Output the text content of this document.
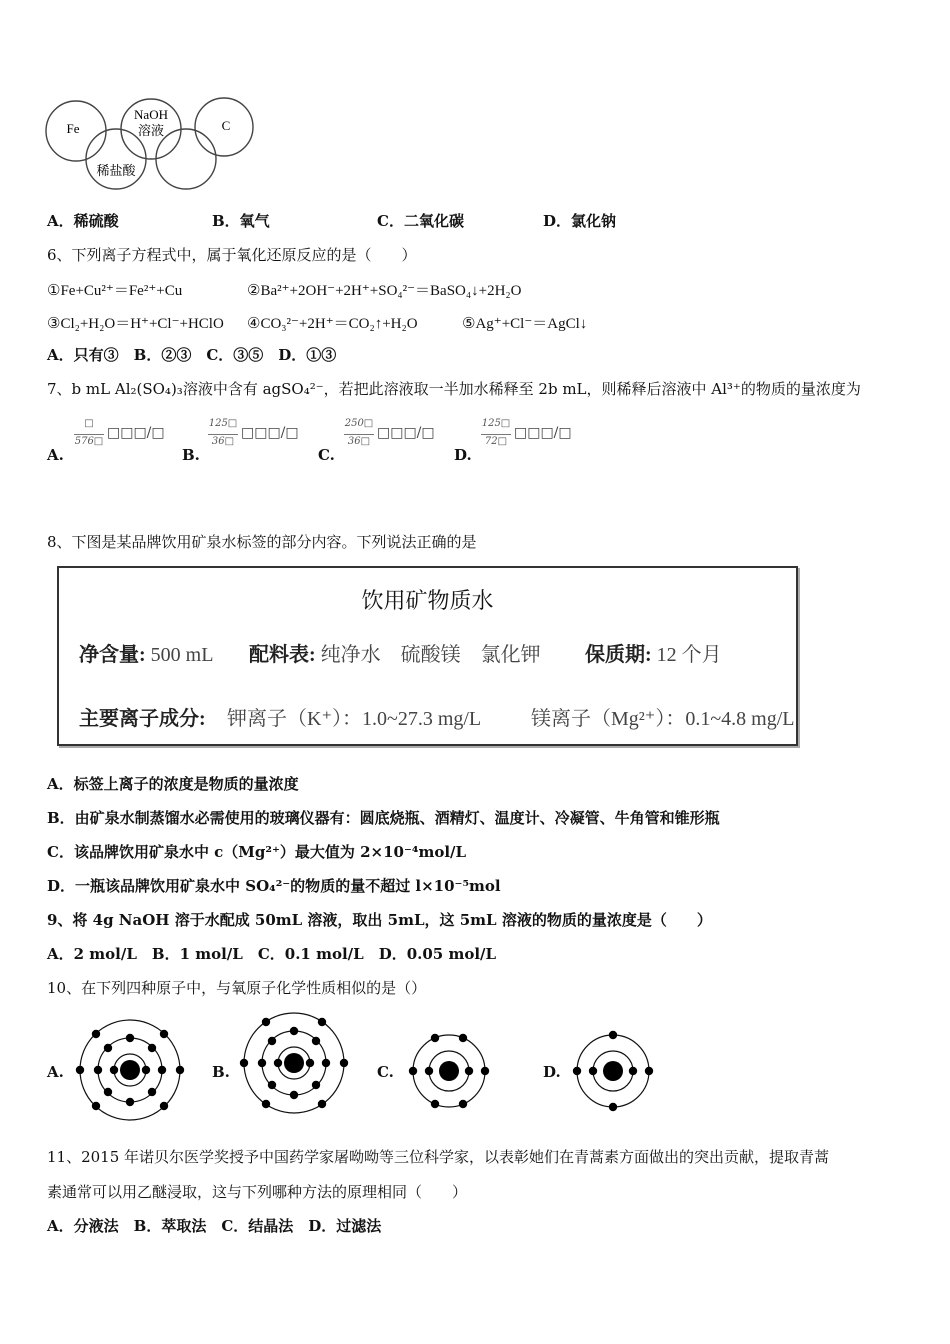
Fe
NaOH
溶液	C
稀盐酸
A．稀硫酸	B．氧气	C．二氧化碳	D．氯化钠
6、下列离子方程式中，属于氧化还原反应的是（　　）
①Fe+Cu²⁺＝Fe²⁺+Cu	②Ba²⁺+2OH⁻+2H⁺+SO₄²⁻＝BaSO₄↓+2H₂O
③Cl₂+H₂O＝H⁺+Cl⁻+HClO ④CO₃²⁻+2H⁺＝CO₂↑+H₂O	⑤Ag⁺+Cl⁻＝AgCl↓
A．只有③　B．②③　C．③⑤　D．①③
7、b mL Al₂(SO₄)₃溶液中含有 agSO₄²⁻，若把此溶液取一半加水稀释至 2b mL，则稀释后溶液中 Al³⁺的物质的量浓度为
A.
□
576□
□□□/□
B.
125□
36□
□□□/□
C.
250□
36□
□□□/□
D.
125□
72□
□□□/□
8、下图是某品牌饮用矿泉水标签的部分内容。下列说法正确的是
饮用矿物质水
净含量: 500 mL 配料表: 纯净水　硫酸镁　氯化钾 保质期: 12 个月
主要离子成分: 钾离子（K⁺）：1.0~27.3 mg/L 镁离子（Mg²⁺）：0.1~4.8 mg/L
A．标签上离子的浓度是物质的量浓度
B．由矿泉水制蒸馏水必需使用的玻璃仪器有：圆底烧瓶、酒精灯、温度计、冷凝管、牛角管和锥形瓶
C．该品牌饮用矿泉水中 c（Mg²⁺）最大值为 2×10⁻⁴mol/L
D．一瓶该品牌饮用矿泉水中 SO₄²⁻的物质的量不超过 l×10⁻⁵mol
9、将 4g NaOH 溶于水配成 50mL 溶液，取出 5mL，这 5mL 溶液的物质的量浓度是（　　）
A．2 mol/L　B．1 mol/L　C．0.1 mol/L　D．0.05 mol/L
10、在下列四种原子中，与氧原子化学性质相似的是（）
A.	B.	C.	D.
11、2015 年诺贝尔医学奖授予中国药学家屠呦呦等三位科学家，以表彰她们在青蒿素方面做出的突出贡献，提取青蒿
素通常可以用乙醚浸取，这与下列哪种方法的原理相同（　　）
A．分液法　B．萃取法　C．结晶法　D．过滤法
